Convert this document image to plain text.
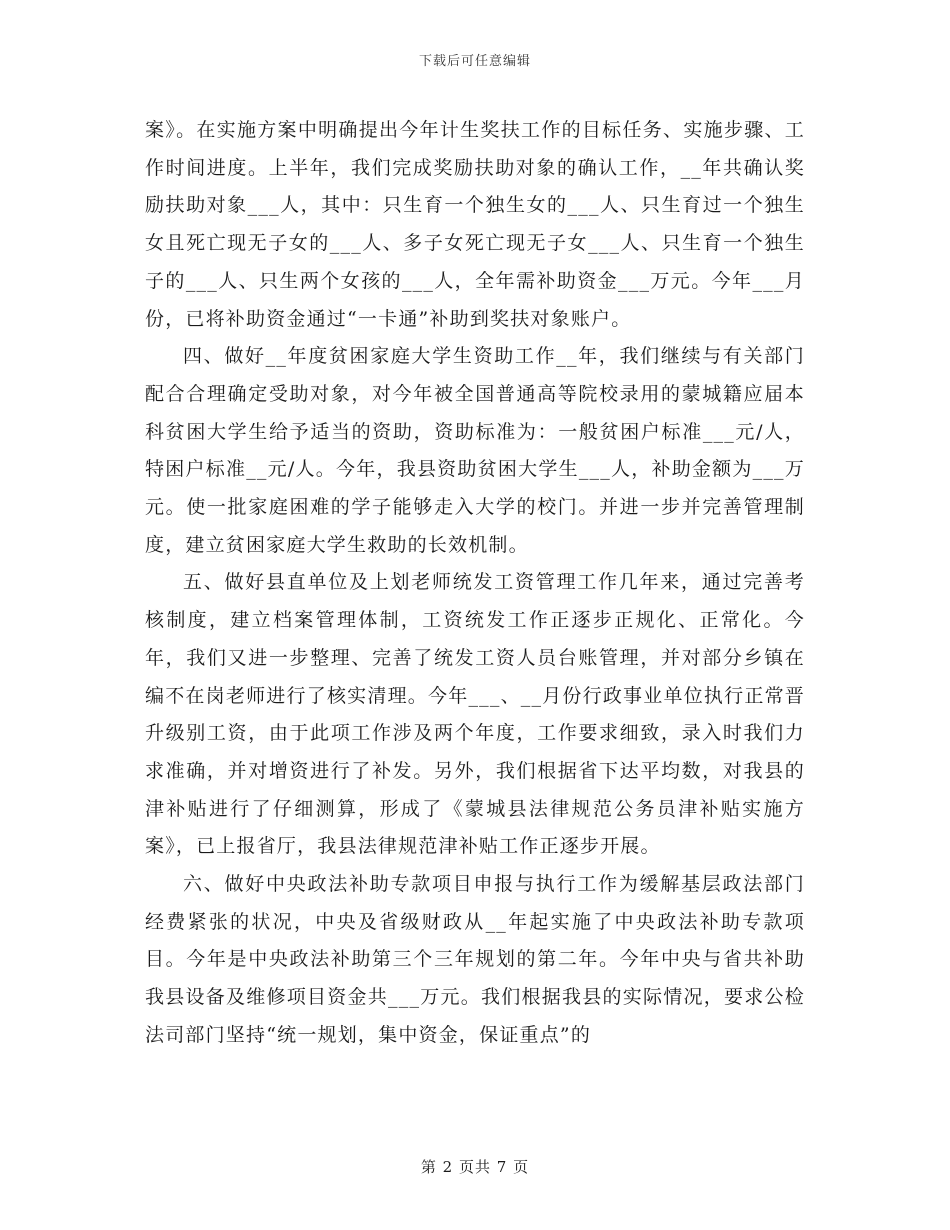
下载后可任意编辑

案》。在实施方案中明确提出今年计生奖扶工作的目标任务、实施步骤、工作时间进度。上半年，我们完成奖励扶助对象的确认工作，__年共确认奖励扶助对象___人，其中：只生育一个独生女的___人、只生育过一个独生女且死亡现无子女的___人、多子女死亡现无子女___人、只生育一个独生子的___人、只生两个女孩的___人，全年需补助资金___万元。今年___月份，已将补助资金通过“一卡通”补助到奖扶对象账户。

四、做好__年度贫困家庭大学生资助工作__年，我们继续与有关部门配合合理确定受助对象，对今年被全国普通高等院校录用的蒙城籍应届本科贫困大学生给予适当的资助，资助标准为：一般贫困户标准___元/人，特困户标准__元/人。今年，我县资助贫困大学生___人，补助金额为___万元。使一批家庭困难的学子能够走入大学的校门。并进一步并完善管理制度，建立贫困家庭大学生救助的长效机制。

五、做好县直单位及上划老师统发工资管理工作几年来，通过完善考核制度，建立档案管理体制，工资统发工作正逐步正规化、正常化。今年，我们又进一步整理、完善了统发工资人员台账管理，并对部分乡镇在编不在岗老师进行了核实清理。今年___、__月份行政事业单位执行正常晋升级别工资，由于此项工作涉及两个年度，工作要求细致，录入时我们力求准确，并对增资进行了补发。另外，我们根据省下达平均数，对我县的津补贴进行了仔细测算，形成了《蒙城县法律规范公务员津补贴实施方案》，已上报省厅，我县法律规范津补贴工作正逐步开展。

六、做好中央政法补助专款项目申报与执行工作为缓解基层政法部门经费紧张的状况，中央及省级财政从__年起实施了中央政法补助专款项目。今年是中央政法补助第三个三年规划的第二年。今年中央与省共补助我县设备及维修项目资金共___万元。我们根据我县的实际情况，要求公检法司部门坚持“统一规划，集中资金，保证重点”的

第 2 页共 7 页
